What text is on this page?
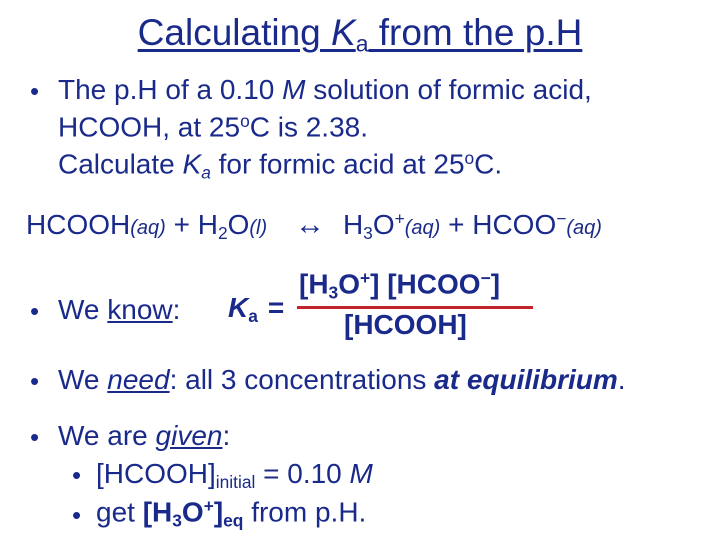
Calculating $K_a$ from the p.H
• The p.H of a 0.10 M solution of formic acid,
HCOOH, at 25$^o$C is 2.38.
Calculate $K_a$ for formic acid at 25$^o$C.
HCOOH(aq) + $H_2O(l)$ ↔ $H_3O^+(aq)$ + HCOO−(aq)
• We know: $K_a$ =
$[H_3O^+]$ [HCOO−]
[HCOOH]
• We need: all 3 concentrations at equilibrium.
• We are given:
• $[HCOOH]_{initial} = 0.10$ M
• get $[H_3O^+]_{eq}$ from p.H.
